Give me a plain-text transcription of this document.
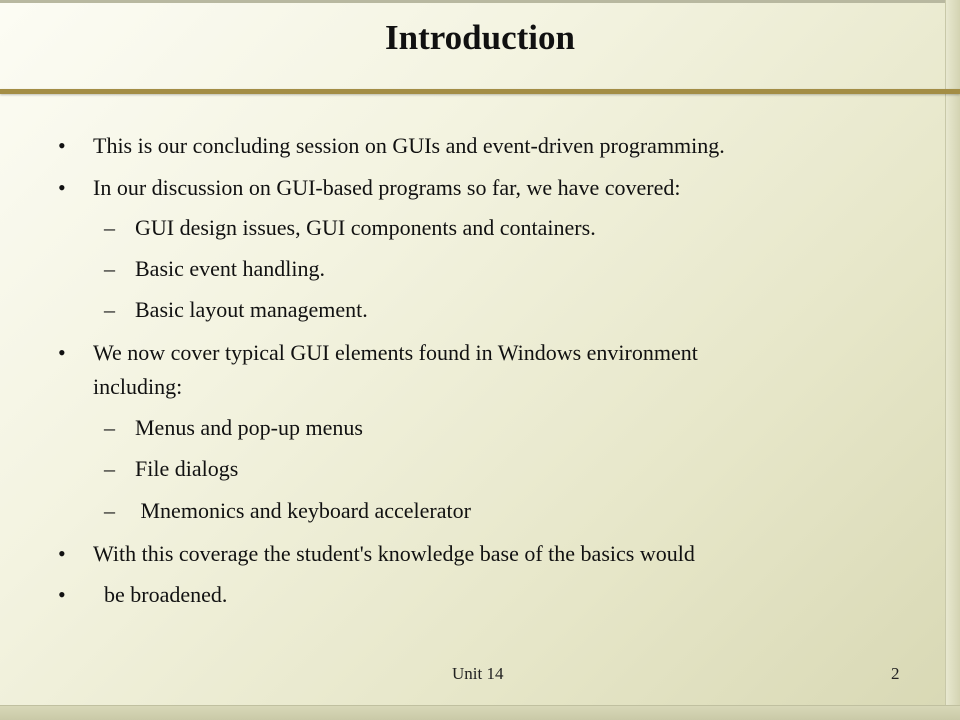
Introduction
• This is our concluding session on GUIs and event-driven programming.
• In our discussion on GUI-based programs so far, we have covered:
– GUI design issues, GUI components and containers.
– Basic event handling.
– Basic layout management.
• We now cover typical GUI elements found in Windows environment
including:
– Menus and pop-up menus
– File dialogs
– Mnemonics and keyboard accelerator
• With this coverage the student's knowledge base of the basics would
• be broadened.
Unit 14	2
